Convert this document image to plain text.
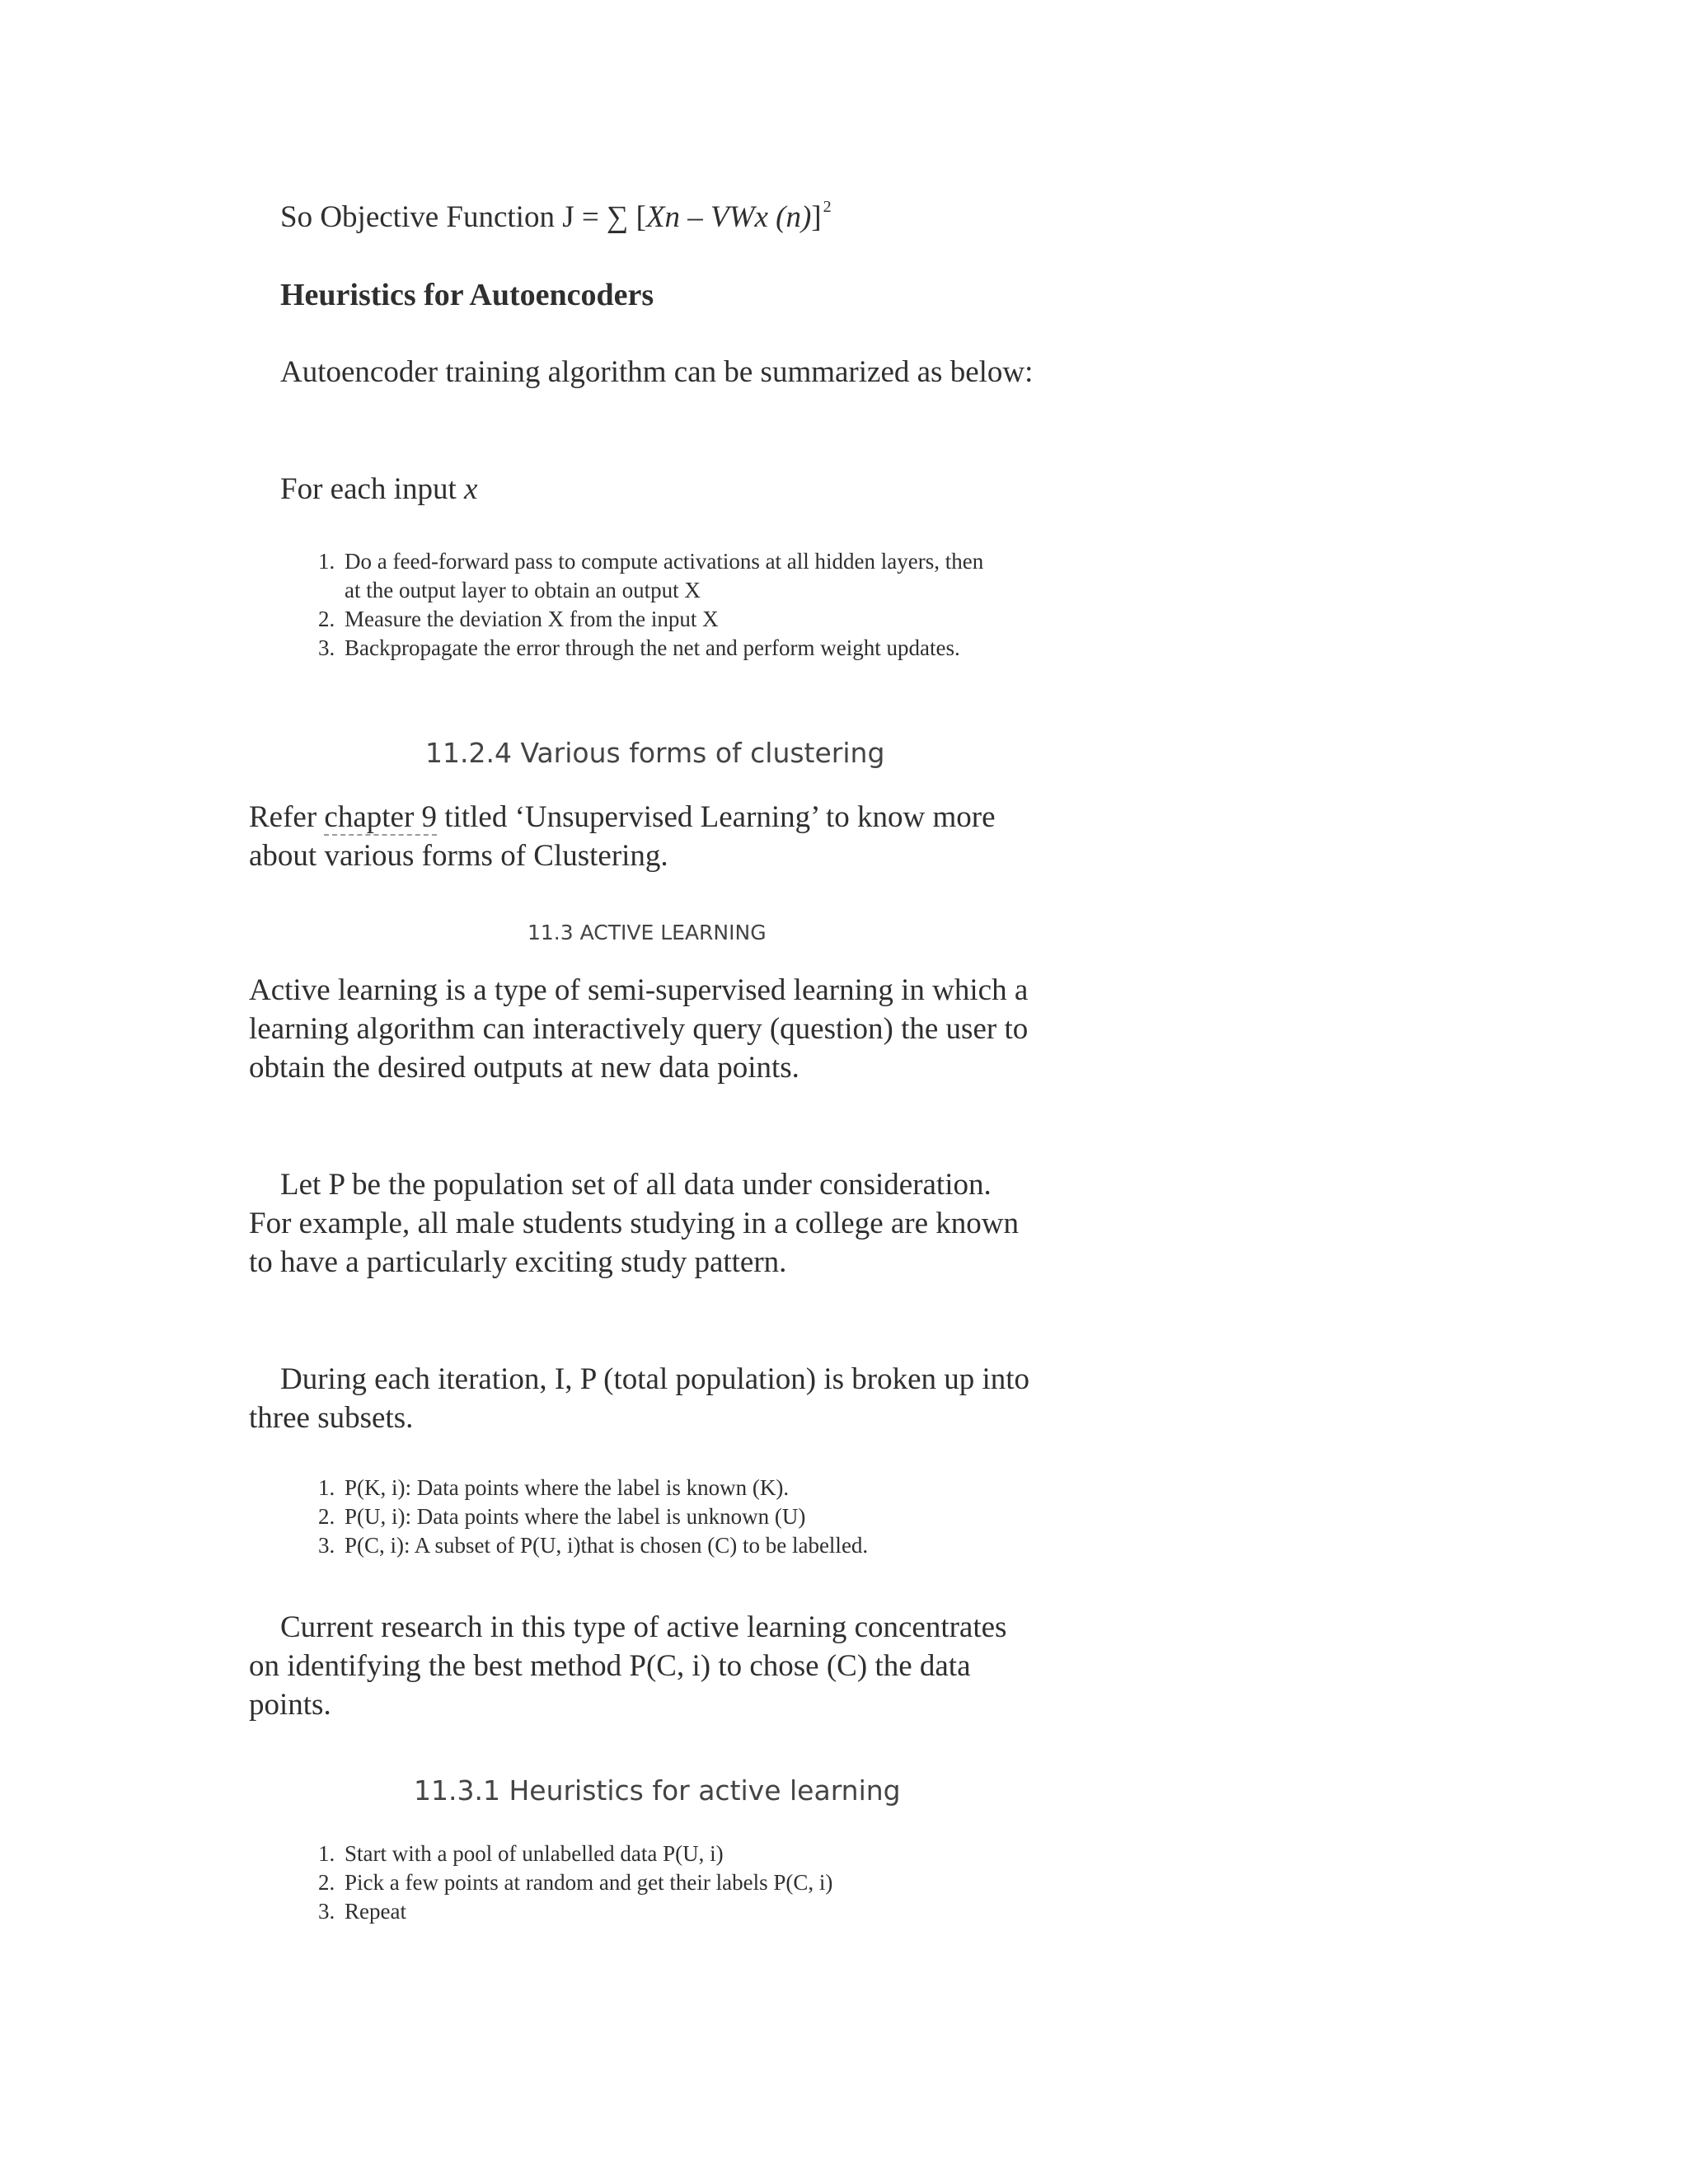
So Objective Function J = ∑ [Xn – VWx (n)] $^2$
Heuristics for Autoencoders
Autoencoder training algorithm can be summarized as below:
For each input x
1. Do a feed-forward pass to compute activations at all hidden layers, then at the output layer to obtain an output X
2. Measure the deviation X from the input X
3. Backpropagate the error through the net and perform weight updates.
11.2.4 Various forms of clustering
Refer chapter 9 titled ‘Unsupervised Learning’ to know more about various forms of Clustering.
11.3 ACTIVE LEARNING
Active learning is a type of semi-supervised learning in which a learning algorithm can interactively query (question) the user to obtain the desired outputs at new data points.
Let P be the population set of all data under consideration. For example, all male students studying in a college are known to have a particularly exciting study pattern.
During each iteration, I, P (total population) is broken up into three subsets.
1. P(K, i): Data points where the label is known (K).
2. P(U, i): Data points where the label is unknown (U)
3. P(C, i): A subset of P(U, i)that is chosen (C) to be labelled.
Current research in this type of active learning concentrates on identifying the best method P(C, i) to chose (C) the data points.
11.3.1 Heuristics for active learning
1. Start with a pool of unlabelled data P(U, i)
2. Pick a few points at random and get their labels P(C, i)
3. Repeat
